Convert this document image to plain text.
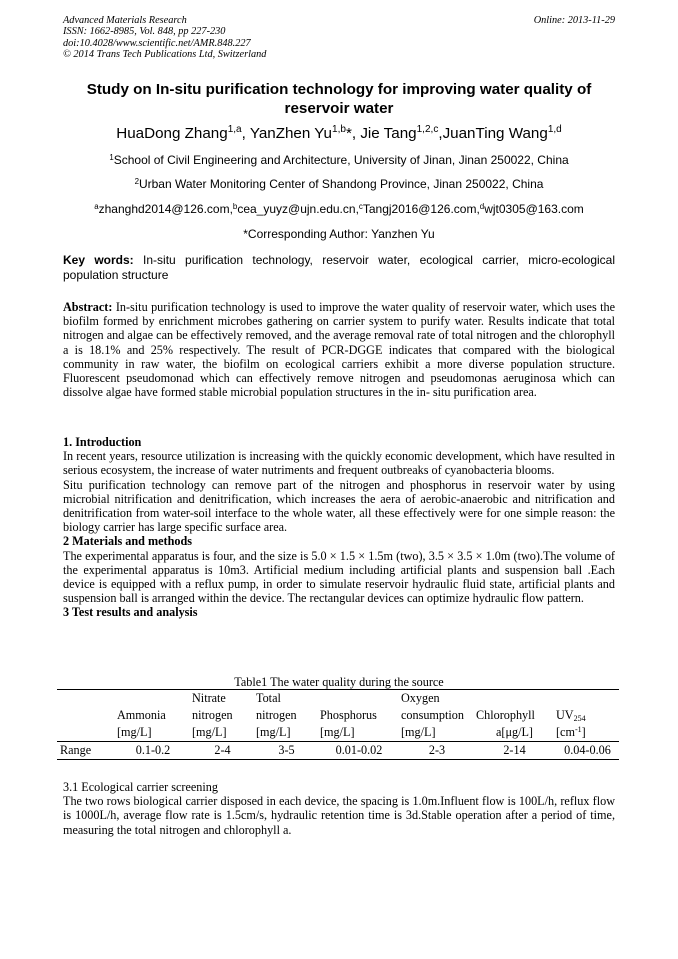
Advanced Materials Research
ISSN: 1662-8985, Vol. 848, pp 227-230
doi:10.4028/www.scientific.net/AMR.848.227
© 2014 Trans Tech Publications Ltd, Switzerland
Online: 2013-11-29
Study on In-situ purification technology for improving water quality of reservoir water
HuaDong Zhang$^{1,a}$, YanZhen Yu$^{1,b}$*, Jie Tang$^{1,2,c}$,JuanTing Wang$^{1,d}$
$^1$School of Civil Engineering and Architecture, University of Jinan, Jinan 250022, China
$^2$Urban Water Monitoring Center of Shandong Province, Jinan 250022, China
$^a$zhanghd2014@126.com,$^b$cea_yuyz@ujn.edu.cn,$^c$Tangj2016@126.com,$^d$wjt0305@163.com
*Corresponding Author: Yanzhen Yu
Key words: In-situ purification technology, reservoir water, ecological carrier, micro-ecological population structure
Abstract: In-situ purification technology is used to improve the water quality of reservoir water, which uses the biofilm formed by enrichment microbes gathering on carrier system to purify water. Results indicate that total nitrogen and algae can be effectively removed, and the average removal rate of total nitrogen and the chlorophyll a is 18.1% and 25% respectively. The result of PCR-DGGE indicates that compared with the biological community in raw water, the biofilm on ecological carriers exhibit a more diverse population structure. Fluorescent pseudomonad which can effectively remove nitrogen and pseudomonas aeruginosa which can dissolve algae have formed stable microbial population structures in the in- situ purification area.
1. Introduction
In recent years, resource utilization is increasing with the quickly economic development, which have resulted in serious ecosystem, the increase of water nutriments and frequent outbreaks of cyanobacteria blooms.
Situ purification technology can remove part of the nitrogen and phosphorus in reservoir water by using microbial nitrification and denitrification, which increases the aera of aerobic-anaerobic and nitrification and denitrification from water-soil interface to the whole water, all these effectively were for one simple reason: the biology carrier has large specific surface area.
2 Materials and methods
The experimental apparatus is four, and the size is 5.0 × 1.5 × 1.5m (two), 3.5 × 3.5 × 1.0m (two).The volume of the experimental apparatus is 10m3. Artificial medium including artificial plants and suspension ball .Each device is equipped with a reflux pump, in order to simulate reservoir hydraulic fluid state, artificial plants and suspension ball is arranged within the device. The rectangular devices can optimize hydraulic flow pattern.
3 Test results and analysis
Table1 The water quality during the source

		Nitrate	Total		Oxygen		
	Ammonia	nitrogen	nitrogen	Phosphorus	consumption	Chlorophyll	$UV_{254}$
	[mg/L]	[mg/L]	[mg/L]	[mg/L]	[mg/L]	a[μg/L]	$[cm^{-1}]$
Range	0.1-0.2	2-4	3-5	0.01-0.02	2-3	2-14	0.04-0.06
3.1 Ecological carrier screening
The two rows biological carrier disposed in each device, the spacing is 1.0m.Influent flow is 100L/h, reflux flow is 1000L/h, average flow rate is 1.5cm/s, hydraulic retention time is 3d.Stable operation after a period of time, measuring the total nitrogen and chlorophyll a.
